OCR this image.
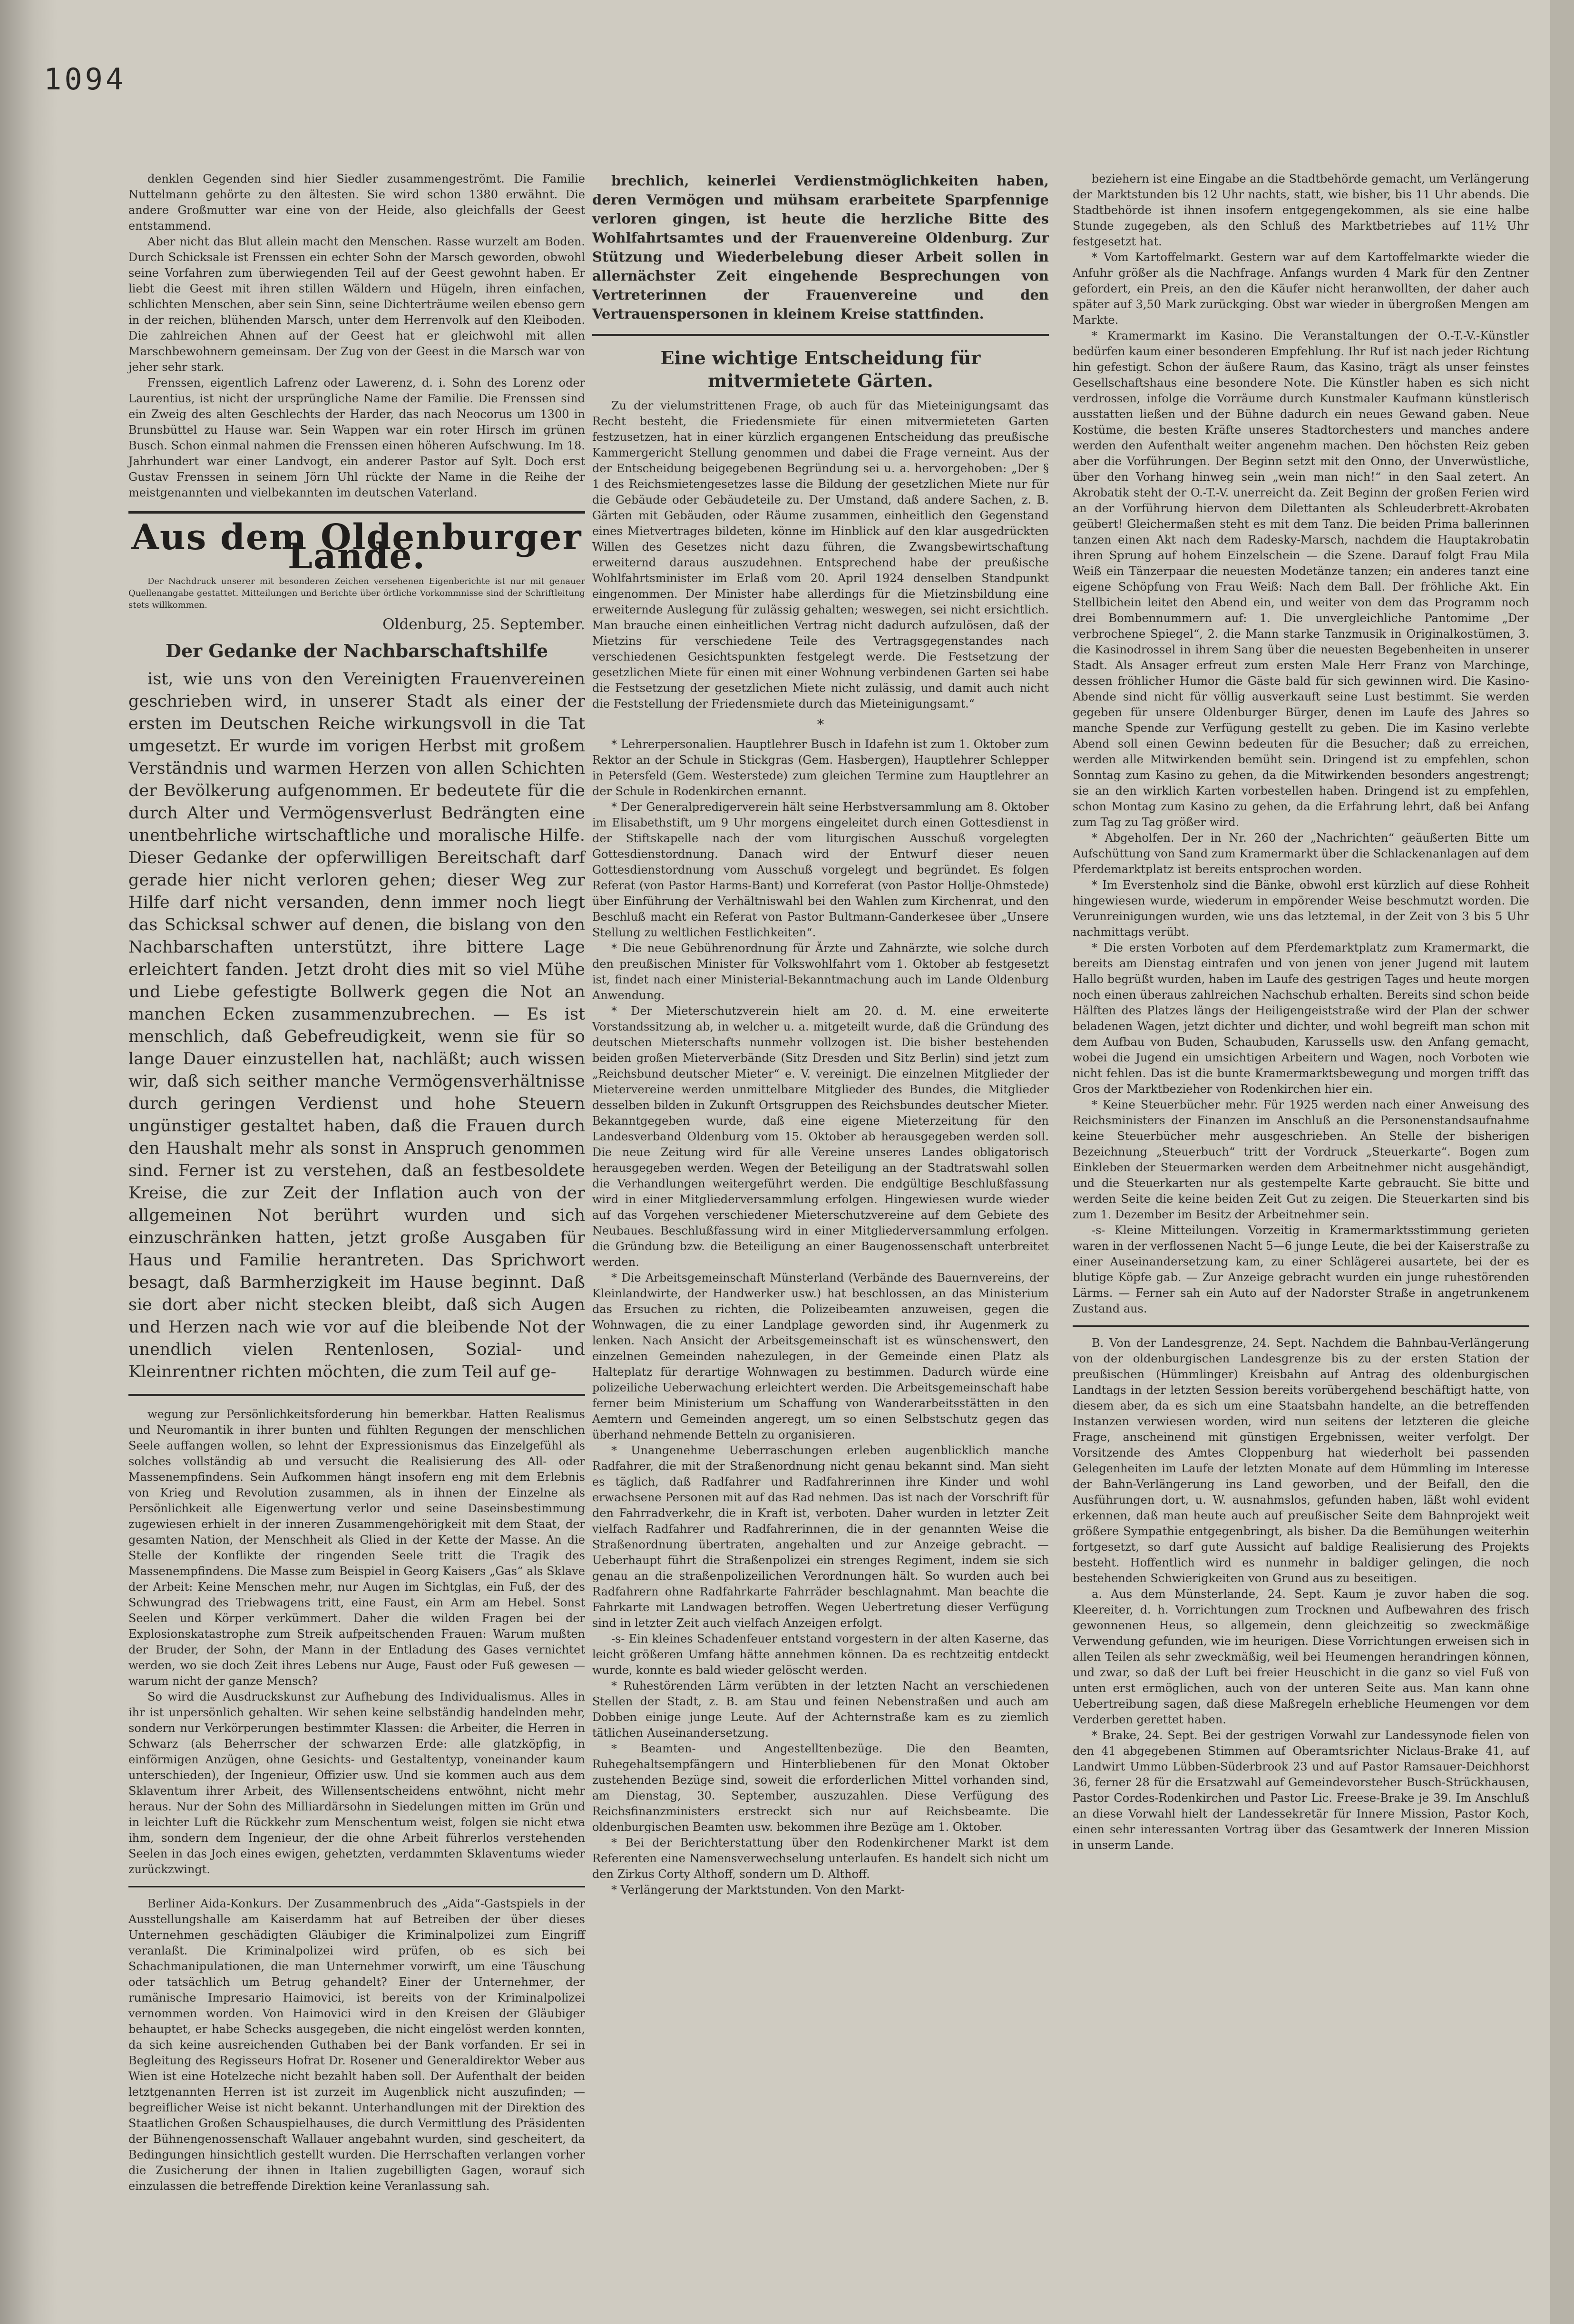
1094

denklen Gegenden sind hier Siedler zusammengeströmt. Die Familie Nuttelmann gehörte zu den ältesten. Sie wird schon 1380 erwähnt. Die andere Großmutter war eine von der Heide, also gleichfalls der Geest entstammend.

Aber nicht das Blut allein macht den Menschen. Rasse wurzelt am Boden. Durch Schicksale ist Frenssen ein echter Sohn der Marsch geworden, obwohl seine Vorfahren zum überwiegenden Teil auf der Geest gewohnt haben. Er liebt die Geest mit ihren stillen Wäldern und Hügeln, ihren einfachen, schlichten Menschen, aber sein Sinn, seine Dichterträume weilen ebenso gern in der reichen, blühenden Marsch, unter dem Herrenvolk auf den Kleiboden. Die zahlreichen Ahnen auf der Geest hat er gleichwohl mit allen Marschbewohnern gemeinsam. Der Zug von der Geest in die Marsch war von jeher sehr stark.

Frenssen, eigentlich Lafrenz oder Lawerenz, d. i. Sohn des Lorenz oder Laurentius, ist nicht der ursprüngliche Name der Familie. Die Frenssen sind ein Zweig des alten Geschlechts der Harder, das nach Neocorus um 1300 in Brunsbüttel zu Hause war. Sein Wappen war ein roter Hirsch im grünen Busch. Schon einmal nahmen die Frenssen einen höheren Aufschwung. Im 18. Jahrhundert war einer Landvogt, ein anderer Pastor auf Sylt. Doch erst Gustav Frenssen in seinem Jörn Uhl rückte der Name in die Reihe der meistgenannten und vielbekannten im deutschen Vaterland.

Aus dem Oldenburger Lande.

Der Nachdruck unserer mit besonderen Zeichen versehenen Eigenberichte ist nur mit genauer Quellenangabe gestattet. Mitteilungen und Berichte über örtliche Vorkommnisse sind der Schriftleitung stets willkommen.

Oldenburg, 25. September.
Der Gedanke der Nachbarschaftshilfe

ist, wie uns von den Vereinigten Frauenvereinen geschrieben wird, in unserer Stadt als einer der ersten im Deutschen Reiche wirkungsvoll in die Tat umgesetzt. Er wurde im vorigen Herbst mit großem Verständnis und warmen Herzen von allen Schichten der Bevölkerung aufgenommen. Er bedeutete für die durch Alter und Vermögensverlust Bedrängten eine unentbehrliche wirtschaftliche und moralische Hilfe. Dieser Gedanke der opferwilligen Bereitschaft darf gerade hier nicht verloren gehen; dieser Weg zur Hilfe darf nicht versanden, denn immer noch liegt das Schicksal schwer auf denen, die bislang von den Nachbarschaften unterstützt, ihre bittere Lage erleichtert fanden. Jetzt droht dies mit so viel Mühe und Liebe gefestigte Bollwerk gegen die Not an manchen Ecken zusammenzubrechen. — Es ist menschlich, daß Gebefreudigkeit, wenn sie für so lange Dauer einzustellen hat, nachläßt; auch wissen wir, daß sich seither manche Vermögensverhältnisse durch geringen Verdienst und hohe Steuern ungünstiger gestaltet haben, daß die Frauen durch den Haushalt mehr als sonst in Anspruch genommen sind. Ferner ist zu verstehen, daß an festbesoldete Kreise, die zur Zeit der Inflation auch von der allgemeinen Not berührt wurden und sich einzuschränken hatten, jetzt große Ausgaben für Haus und Familie herantreten. Das Sprichwort besagt, daß Barmherzigkeit im Hause beginnt. Daß sie dort aber nicht stecken bleibt, daß sich Augen und Herzen nach wie vor auf die bleibende Not der unendlich vielen Rentenlosen, Sozial- und Kleinrentner richten möchten, die zum Teil auf ge-

wegung zur Persönlichkeitsforderung hin bemerkbar. Hatten Realismus und Neuromantik in ihrer bunten und fühlten Regungen der menschlichen Seele auffangen wollen, so lehnt der Expressionismus das Einzelgefühl als solches vollständig ab und versucht die Realisierung des All- oder Massenempfindens. Sein Aufkommen hängt insofern eng mit dem Erlebnis von Krieg und Revolution zusammen, als in ihnen der Einzelne als Persönlichkeit alle Eigenwertung verlor und seine Daseinsbestimmung zugewiesen erhielt in der inneren Zusammengehörigkeit mit dem Staat, der gesamten Nation, der Menschheit als Glied in der Kette der Masse. An die Stelle der Konflikte der ringenden Seele tritt die Tragik des Massenempfindens. Die Masse zum Beispiel in Georg Kaisers „Gas“ als Sklave der Arbeit: Keine Menschen mehr, nur Augen im Sichtglas, ein Fuß, der des Schwungrad des Triebwagens tritt, eine Faust, ein Arm am Hebel. Sonst Seelen und Körper verkümmert. Daher die wilden Fragen bei der Explosionskatastrophe zum Streik aufpeitschenden Frauen: Warum mußten der Bruder, der Sohn, der Mann in der Entladung des Gases vernichtet werden, wo sie doch Zeit ihres Lebens nur Auge, Faust oder Fuß gewesen — warum nicht der ganze Mensch?

So wird die Ausdruckskunst zur Aufhebung des Individualismus. Alles in ihr ist unpersönlich gehalten. Wir sehen keine selbständig handelnden mehr, sondern nur Verkörperungen bestimmter Klassen: die Arbeiter, die Herren in Schwarz (als Beherrscher der schwarzen Erde: alle glatzköpfig, in einförmigen Anzügen, ohne Gesichts- und Gestaltentyp, voneinander kaum unterschieden), der Ingenieur, Offizier usw. Und sie kommen auch aus dem Sklaventum ihrer Arbeit, des Willensentscheidens entwöhnt, nicht mehr heraus. Nur der Sohn des Milliardärsohn in Siedelungen mitten im Grün und in leichter Luft die Rückkehr zum Menschentum weist, folgen sie nicht etwa ihm, sondern dem Ingenieur, der die ohne Arbeit führerlos verstehenden Seelen in das Joch eines ewigen, gehetzten, verdammten Sklaventums wieder zurückzwingt.

Berliner Aida-Konkurs. Der Zusammenbruch des „Aida“-Gastspiels in der Ausstellungshalle am Kaiserdamm hat auf Betreiben der über dieses Unternehmen geschädigten Gläubiger die Kriminalpolizei zum Eingriff veranlaßt. Die Kriminalpolizei wird prüfen, ob es sich bei Schachmanipulationen, die man Unternehmer vorwirft, um eine Täuschung oder tatsächlich um Betrug gehandelt? Einer der Unternehmer, der rumänische Impresario Haimovici, ist bereits von der Kriminalpolizei vernommen worden. Von Haimovici wird in den Kreisen der Gläubiger behauptet, er habe Schecks ausgegeben, die nicht eingelöst werden konnten, da sich keine ausreichenden Guthaben bei der Bank vorfanden. Er sei in Begleitung des Regisseurs Hofrat Dr. Rosener und Generaldirektor Weber aus Wien ist eine Hotelzeche nicht bezahlt haben soll. Der Aufenthalt der beiden letztgenannten Herren ist ist zurzeit im Augenblick nicht auszufinden; — begreiflicher Weise ist nicht bekannt. Unterhandlungen mit der Direktion des Staatlichen Großen Schauspielhauses, die durch Vermittlung des Präsidenten der Bühnengenossenschaft Wallauer angebahnt wurden, sind gescheitert, da Bedingungen hinsichtlich gestellt wurden. Die Herrschaften verlangen vorher die Zusicherung der ihnen in Italien zugebilligten Gagen, worauf sich einzulassen die betreffende Direktion keine Veranlassung sah.

brechlich, keinerlei Verdienstmöglichkeiten haben, deren Vermögen und mühsam erarbeitete Sparpfennige verloren gingen, ist heute die herzliche Bitte des Wohlfahrtsamtes und der Frauenvereine Oldenburg. Zur Stützung und Wiederbelebung dieser Arbeit sollen in allernächster Zeit eingehende Besprechungen von Vertreterinnen der Frauenvereine und den Vertrauenspersonen in kleinem Kreise stattfinden.

Eine wichtige Entscheidung für mitvermietete Gärten.

Zu der vielumstrittenen Frage, ob auch für das Mieteinigungsamt das Recht besteht, die Friedensmiete für einen mitvermieteten Garten festzusetzen, hat in einer kürzlich ergangenen Entscheidung das preußische Kammergericht Stellung genommen und dabei die Frage verneint. Aus der der Entscheidung beigegebenen Begründung sei u. a. hervorgehoben: „Der § 1 des Reichsmietengesetzes lasse die Bildung der gesetzlichen Miete nur für die Gebäude oder Gebäudeteile zu. Der Umstand, daß andere Sachen, z. B. Gärten mit Gebäuden, oder Räume zusammen, einheitlich den Gegenstand eines Mietvertrages bildeten, könne im Hinblick auf den klar ausgedrückten Willen des Gesetzes nicht dazu führen, die Zwangsbewirtschaftung erweiternd daraus auszudehnen. Entsprechend habe der preußische Wohlfahrtsminister im Erlaß vom 20. April 1924 denselben Standpunkt eingenommen. Der Minister habe allerdings für die Mietzinsbildung eine erweiternde Auslegung für zulässig gehalten; weswegen, sei nicht ersichtlich. Man brauche einen einheitlichen Vertrag nicht dadurch aufzulösen, daß der Mietzins für verschiedene Teile des Vertragsgegenstandes nach verschiedenen Gesichtspunkten festgelegt werde. Die Festsetzung der gesetzlichen Miete für einen mit einer Wohnung verbindenen Garten sei habe die Festsetzung der gesetzlichen Miete nicht zulässig, und damit auch nicht die Feststellung der Friedensmiete durch das Mieteinigungsamt.“

*

* Lehrerpersonalien. Hauptlehrer Busch in Idafehn ist zum 1. Oktober zum Rektor an der Schule in Stickgras (Gem. Hasbergen), Hauptlehrer Schlepper in Petersfeld (Gem. Westerstede) zum gleichen Termine zum Hauptlehrer an der Schule in Rodenkirchen ernannt.

* Der Generalpredigerverein hält seine Herbstversammlung am 8. Oktober im Elisabethstift, um 9 Uhr morgens eingeleitet durch einen Gottesdienst in der Stiftskapelle nach der vom liturgischen Ausschuß vorgelegten Gottesdienstordnung. Danach wird der Entwurf dieser neuen Gottesdienstordnung vom Ausschuß vorgelegt und begründet. Es folgen Referat (von Pastor Harms-Bant) und Korreferat (von Pastor Hollje-Ohmstede) über Einführung der Verhältniswahl bei den Wahlen zum Kirchenrat, und den Beschluß macht ein Referat von Pastor Bultmann-Ganderkesee über „Unsere Stellung zu weltlichen Festlichkeiten“.

* Die neue Gebührenordnung für Ärzte und Zahnärzte, wie solche durch den preußischen Minister für Volkswohlfahrt vom 1. Oktober ab festgesetzt ist, findet nach einer Ministerial-Bekanntmachung auch im Lande Oldenburg Anwendung.

* Der Mieterschutzverein hielt am 20. d. M. eine erweiterte Vorstandssitzung ab, in welcher u. a. mitgeteilt wurde, daß die Gründung des deutschen Mieterschafts nunmehr vollzogen ist. Die bisher bestehenden beiden großen Mieterverbände (Sitz Dresden und Sitz Berlin) sind jetzt zum „Reichsbund deutscher Mieter“ e. V. vereinigt. Die einzelnen Mitglieder der Mietervereine werden unmittelbare Mitglieder des Bundes, die Mitglieder desselben bilden in Zukunft Ortsgruppen des Reichsbundes deutscher Mieter. Bekanntgegeben wurde, daß eine eigene Mieterzeitung für den Landesverband Oldenburg vom 15. Oktober ab herausgegeben werden soll. Die neue Zeitung wird für alle Vereine unseres Landes obligatorisch herausgegeben werden. Wegen der Beteiligung an der Stadtratswahl sollen die Verhandlungen weitergeführt werden. Die endgültige Beschlußfassung wird in einer Mitgliederversammlung erfolgen. Hingewiesen wurde wieder auf das Vorgehen verschiedener Mieterschutzvereine auf dem Gebiete des Neubaues. Beschlußfassung wird in einer Mitgliederversammlung erfolgen. die Gründung bzw. die Beteiligung an einer Baugenossenschaft unterbreitet werden.

* Die Arbeitsgemeinschaft Münsterland (Verbände des Bauernvereins, der Kleinlandwirte, der Handwerker usw.) hat beschlossen, an das Ministerium das Ersuchen zu richten, die Polizeibeamten anzuweisen, gegen die Wohnwagen, die zu einer Landplage geworden sind, ihr Augenmerk zu lenken. Nach Ansicht der Arbeitsgemeinschaft ist es wünschenswert, den einzelnen Gemeinden nahezulegen, in der Gemeinde einen Platz als Halteplatz für derartige Wohnwagen zu bestimmen. Dadurch würde eine polizeiliche Ueberwachung erleichtert werden. Die Arbeitsgemeinschaft habe ferner beim Ministerium um Schaffung von Wanderarbeitsstätten in den Aemtern und Gemeinden angeregt, um so einen Selbstschutz gegen das überhand nehmende Betteln zu organisieren.

* Unangenehme Ueberraschungen erleben augenblicklich manche Radfahrer, die mit der Straßenordnung nicht genau bekannt sind. Man sieht es täglich, daß Radfahrer und Radfahrerinnen ihre Kinder und wohl erwachsene Personen mit auf das Rad nehmen. Das ist nach der Vorschrift für den Fahrradverkehr, die in Kraft ist, verboten. Daher wurden in letzter Zeit vielfach Radfahrer und Radfahrerinnen, die in der genannten Weise die Straßenordnung übertraten, angehalten und zur Anzeige gebracht. — Ueberhaupt führt die Straßenpolizei ein strenges Regiment, indem sie sich genau an die straßenpolizeilichen Verordnungen hält. So wurden auch bei Radfahrern ohne Radfahrkarte Fahrräder beschlagnahmt. Man beachte die Fahrkarte mit Landwagen betroffen. Wegen Uebertretung dieser Verfügung sind in letzter Zeit auch vielfach Anzeigen erfolgt.

-s- Ein kleines Schadenfeuer entstand vorgestern in der alten Kaserne, das leicht größeren Umfang hätte annehmen können. Da es rechtzeitig entdeckt wurde, konnte es bald wieder gelöscht werden.

* Ruhestörenden Lärm verübten in der letzten Nacht an verschiedenen Stellen der Stadt, z. B. am Stau und feinen Nebenstraßen und auch am Dobben einige junge Leute. Auf der Achternstraße kam es zu ziemlich tätlichen Auseinandersetzung.

* Beamten- und Angestelltenbezüge. Die den Beamten, Ruhegehaltsempfängern und Hinterbliebenen für den Monat Oktober zustehenden Bezüge sind, soweit die erforderlichen Mittel vorhanden sind, am Dienstag, 30. September, auszuzahlen. Diese Verfügung des Reichsfinanzministers erstreckt sich nur auf Reichsbeamte. Die oldenburgischen Beamten usw. bekommen ihre Bezüge am 1. Oktober.

* Bei der Berichterstattung über den Rodenkirchener Markt ist dem Referenten eine Namensverwechselung unterlaufen. Es handelt sich nicht um den Zirkus Corty Althoff, sondern um D. Althoff.

* Verlängerung der Marktstunden. Von den Markt-

beziehern ist eine Eingabe an die Stadtbehörde gemacht, um Verlängerung der Marktstunden bis 12 Uhr nachts, statt, wie bisher, bis 11 Uhr abends. Die Stadtbehörde ist ihnen insofern entgegengekommen, als sie eine halbe Stunde zugegeben, als den Schluß des Marktbetriebes auf 11½ Uhr festgesetzt hat.

* Vom Kartoffelmarkt. Gestern war auf dem Kartoffelmarkte wieder die Anfuhr größer als die Nachfrage. Anfangs wurden 4 Mark für den Zentner gefordert, ein Preis, an den die Käufer nicht heranwollten, der daher auch später auf 3,50 Mark zurückging. Obst war wieder in übergroßen Mengen am Markte.

* Kramermarkt im Kasino. Die Veranstaltungen der O.-T.-V.-Künstler bedürfen kaum einer besonderen Empfehlung. Ihr Ruf ist nach jeder Richtung hin gefestigt. Schon der äußere Raum, das Kasino, trägt als unser feinstes Gesellschaftshaus eine besondere Note. Die Künstler haben es sich nicht verdrossen, infolge die Vorräume durch Kunstmaler Kaufmann künstlerisch ausstatten ließen und der Bühne dadurch ein neues Gewand gaben. Neue Kostüme, die besten Kräfte unseres Stadtorchesters und manches andere werden den Aufenthalt weiter angenehm machen. Den höchsten Reiz geben aber die Vorführungen. Der Beginn setzt mit den Onno, der Unverwüstliche, über den Vorhang hinweg sein „wein man nich!“ in den Saal zetert. An Akrobatik steht der O.-T.-V. unerreicht da. Zeit Beginn der großen Ferien wird an der Vorführung hiervon dem Dilettanten als Schleuderbrett-Akrobaten geübert! Gleichermaßen steht es mit dem Tanz. Die beiden Prima ballerinnen tanzen einen Akt nach dem Radesky-Marsch, nachdem die Hauptakrobatin ihren Sprung auf hohem Einzelschein — die Szene. Darauf folgt Frau Mila Weiß ein Tänzerpaar die neuesten Modetänze tanzen; ein anderes tanzt eine eigene Schöpfung von Frau Weiß: Nach dem Ball. Der fröhliche Akt. Ein Stellbichein leitet den Abend ein, und weiter von dem das Programm noch drei Bombennummern auf: 1. Die unvergleichliche Pantomime „Der verbrochene Spiegel“, 2. die Mann starke Tanzmusik in Originalkostümen, 3. die Kasinodrossel in ihrem Sang über die neuesten Begebenheiten in unserer Stadt. Als Ansager erfreut zum ersten Male Herr Franz von Marchinge, dessen fröhlicher Humor die Gäste bald für sich gewinnen wird. Die Kasino-Abende sind nicht für völlig ausverkauft seine Lust bestimmt. Sie werden gegeben für unsere Oldenburger Bürger, denen im Laufe des Jahres so manche Spende zur Verfügung gestellt zu geben. Die im Kasino verlebte Abend soll einen Gewinn bedeuten für die Besucher; daß zu erreichen, werden alle Mitwirkenden bemüht sein. Dringend ist zu empfehlen, schon Sonntag zum Kasino zu gehen, da die Mitwirkenden besonders angestrengt; sie an den wirklich Karten vorbestellen haben. Dringend ist zu empfehlen, schon Montag zum Kasino zu gehen, da die Erfahrung lehrt, daß bei Anfang zum Tag zu Tag größer wird.

* Abgeholfen. Der in Nr. 260 der „Nachrichten“ geäußerten Bitte um Aufschüttung von Sand zum Kramermarkt über die Schlackenanlagen auf dem Pferdemarktplatz ist bereits entsprochen worden.

* Im Everstenholz sind die Bänke, obwohl erst kürzlich auf diese Rohheit hingewiesen wurde, wiederum in empörender Weise beschmutzt worden. Die Verunreinigungen wurden, wie uns das letztemal, in der Zeit von 3 bis 5 Uhr nachmittags verübt.

* Die ersten Vorboten auf dem Pferdemarktplatz zum Kramermarkt, die bereits am Dienstag eintrafen und von jenen von jener Jugend mit lautem Hallo begrüßt wurden, haben im Laufe des gestrigen Tages und heute morgen noch einen überaus zahlreichen Nachschub erhalten. Bereits sind schon beide Hälften des Platzes längs der Heiligengeiststraße wird der Plan der schwer beladenen Wagen, jetzt dichter und dichter, und wohl begreift man schon mit dem Aufbau von Buden, Schaubuden, Karussells usw. den Anfang gemacht, wobei die Jugend ein umsichtigen Arbeitern und Wagen, noch Vorboten wie nicht fehlen. Das ist die bunte Kramermarktsbewegung und morgen trifft das Gros der Marktbezieher von Rodenkirchen hier ein.

* Keine Steuerbücher mehr. Für 1925 werden nach einer Anweisung des Reichsministers der Finanzen im Anschluß an die Personenstandsaufnahme keine Steuerbücher mehr ausgeschrieben. An Stelle der bisherigen Bezeichnung „Steuerbuch“ tritt der Vordruck „Steuerkarte“. Bogen zum Einkleben der Steuermarken werden dem Arbeitnehmer nicht ausgehändigt, und die Steuerkarten nur als gestempelte Karte gebraucht. Sie bitte und werden Seite die keine beiden Zeit Gut zu zeigen. Die Steuerkarten sind bis zum 1. Dezember im Besitz der Arbeitnehmer sein.

-s- Kleine Mitteilungen. Vorzeitig in Kramermarktsstimmung gerieten waren in der verflossenen Nacht 5—6 junge Leute, die bei der Kaiserstraße zu einer Auseinandersetzung kam, zu einer Schlägerei ausartete, bei der es blutige Köpfe gab. — Zur Anzeige gebracht wurden ein junge ruhestörenden Lärms. — Ferner sah ein Auto auf der Nadorster Straße in angetrunkenem Zustand aus.

B. Von der Landesgrenze, 24. Sept. Nachdem die Bahnbau-Verlängerung von der oldenburgischen Landesgrenze bis zu der ersten Station der preußischen (Hümmlinger) Kreisbahn auf Antrag des oldenburgischen Landtags in der letzten Session bereits vorübergehend beschäftigt hatte, von diesem aber, da es sich um eine Staatsbahn handelte, an die betreffenden Instanzen verwiesen worden, wird nun seitens der letzteren die gleiche Frage, anscheinend mit günstigen Ergebnissen, weiter verfolgt. Der Vorsitzende des Amtes Cloppenburg hat wiederholt bei passenden Gelegenheiten im Laufe der letzten Monate auf dem Hümmling im Interesse der Bahn-Verlängerung ins Land geworben, und der Beifall, den die Ausführungen dort, u. W. ausnahmslos, gefunden haben, läßt wohl evident erkennen, daß man heute auch auf preußischer Seite dem Bahnprojekt weit größere Sympathie entgegenbringt, als bisher. Da die Bemühungen weiterhin fortgesetzt, so darf gute Aussicht auf baldige Realisierung des Projekts besteht. Hoffentlich wird es nunmehr in baldiger gelingen, die noch bestehenden Schwierigkeiten von Grund aus zu beseitigen.

a. Aus dem Münsterlande, 24. Sept. Kaum je zuvor haben die sog. Kleereiter, d. h. Vorrichtungen zum Trocknen und Aufbewahren des frisch gewonnenen Heus, so allgemein, denn gleichzeitig so zweckmäßige Verwendung gefunden, wie im heurigen. Diese Vorrichtungen erweisen sich in allen Teilen als sehr zweckmäßig, weil bei Heumengen herandringen können, und zwar, so daß der Luft bei freier Heuschicht in die ganz so viel Fuß von unten erst ermöglichen, auch von der unteren Seite aus. Man kann ohne Uebertreibung sagen, daß diese Maßregeln erhebliche Heumengen vor dem Verderben gerettet haben.

* Brake, 24. Sept. Bei der gestrigen Vorwahl zur Landessynode fielen von den 41 abgegebenen Stimmen auf Oberamtsrichter Niclaus-Brake 41, auf Landwirt Ummo Lübben-Süderbrook 23 und auf Pastor Ramsauer-Deichhorst 36, ferner 28 für die Ersatzwahl auf Gemeindevorsteher Busch-Strückhausen, Pastor Cordes-Rodenkirchen und Pastor Lic. Freese-Brake je 39. Im Anschluß an diese Vorwahl hielt der Landessekretär für Innere Mission, Pastor Koch, einen sehr interessanten Vortrag über das Gesamtwerk der Inneren Mission in unserm Lande.
